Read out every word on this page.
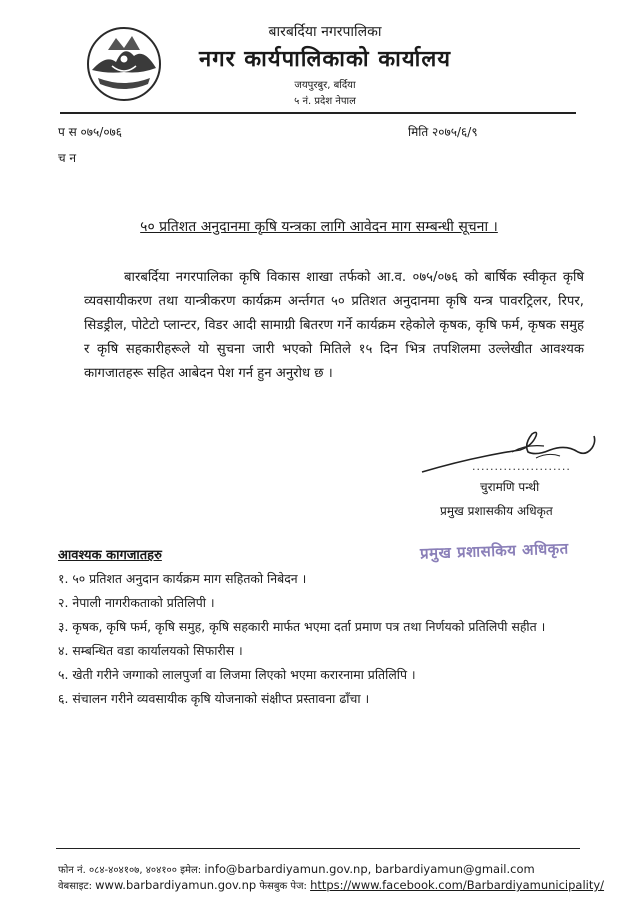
बारबर्दिया नगरपालिका
नगर कार्यपालिकाको कार्यालय
जयपुरबुर, बर्दिया
५ नं. प्रदेश नेपाल
प स ०७५/०७६
च न
मिति २०७५/६/९
५० प्रतिशत अनुदानमा कृषि यन्त्रका लागि आवेदन माग सम्बन्धी सूचना ।
बारबर्दिया नगरपालिका कृषि विकास शाखा तर्फको आ.व. ०७५/०७६ को बार्षिक स्वीकृत कृषि व्यवसायीकरण तथा यान्त्रीकरण कार्यक्रम अर्न्तगत ५० प्रतिशत अनुदानमा कृषि यन्त्र पावरट्रिलर, रिपर, सिडड्रील, पोटेटो प्लान्टर, विडर आदी सामाग्री बितरण गर्ने कार्यक्रम रहेकोले कृषक, कृषि फर्म, कृषक समुह र कृषि सहकारीहरूले यो सुचना जारी भएको मितिले १५ दिन भित्र तपशिलमा उल्लेखीत आवश्यक कागजातहरू सहित आबेदन पेश गर्न हुन अनुरोध छ ।
......................
चुरामणि पन्थी
प्रमुख प्रशासकीय अधिकृत
प्रमुख प्रशासकिय अधिकृत
आवश्यक कागजातहरु
१. ५० प्रतिशत अनुदान कार्यक्रम माग सहितको निबेदन ।
२. नेपाली नागरीकताको प्रतिलिपी ।
३. कृषक, कृषि फर्म, कृषि समुह, कृषि सहकारी मार्फत भएमा दर्ता प्रमाण पत्र तथा निर्णयको प्रतिलिपी सहीत ।
४. सम्बन्धित वडा कार्यालयको सिफारीस ।
५. खेती गरीने जग्गाको लालपुर्जा वा लिजमा लिएको भएमा करारनामा प्रतिलिपि ।
६. संचालन गरीने व्यवसायीक कृषि योजनाको संक्षीप्त प्रस्तावना ढाँचा ।
फोन नं. ०८४-४०४१०७, ४०४१०० इमेल: info@barbardiyamun.gov.np, barbardiyamun@gmail.com
वेबसाइट: www.barbardiyamun.gov.np फेसबुक पेज: https://www.facebook.com/Barbardiyamunicipality/
